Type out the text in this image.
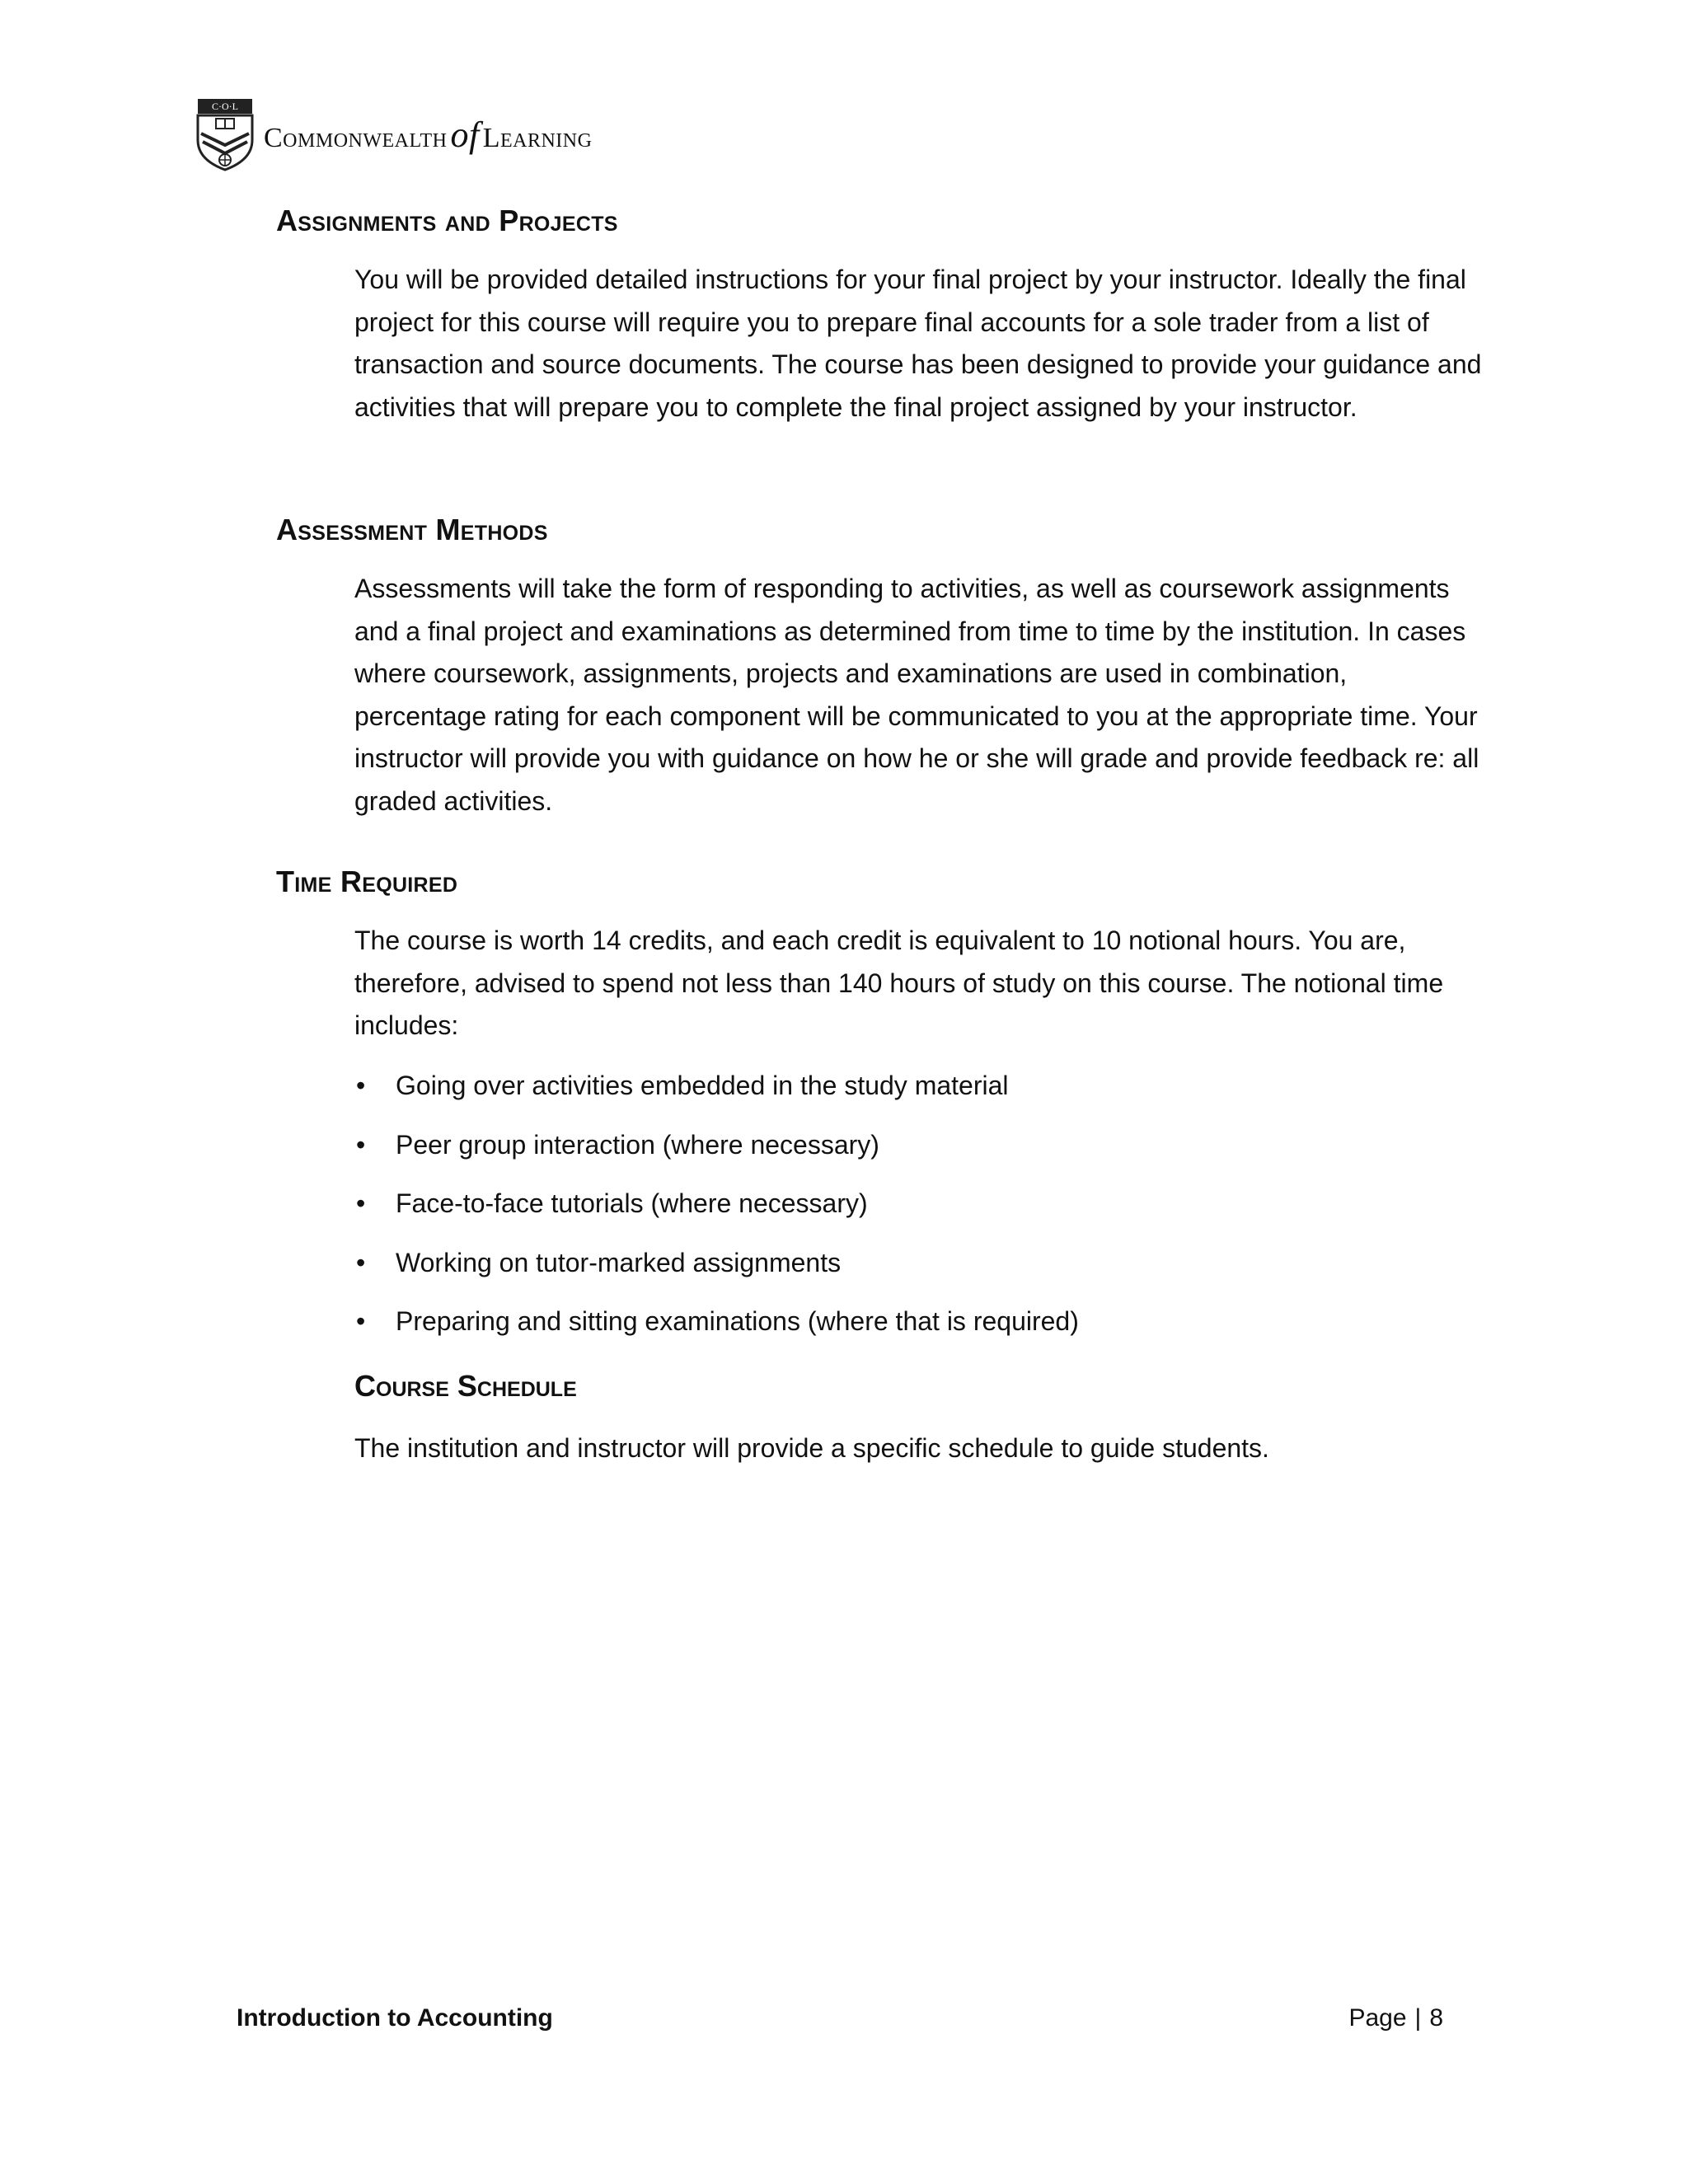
C·O·L
Commonwealthof Learning
Assignments and Projects

You will be provided detailed instructions for your final project by your instructor. Ideally the final project for this course will require you to prepare final accounts for a sole trader from a list of transaction and source documents. The course has been designed to provide your guidance and activities that will prepare you to complete the final project assigned by your instructor.

Assessment Methods

Assessments will take the form of responding to activities, as well as coursework assignments and a final project and examinations as determined from time to time by the institution. In cases where coursework, assignments, projects and examinations are used in combination, percentage rating for each component will be communicated to you at the appropriate time. Your instructor will provide you with guidance on how he or she will grade and provide feedback re: all graded activities.

Time Required

The course is worth 14 credits, and each credit is equivalent to 10 notional hours. You are, therefore, advised to spend not less than 140 hours of study on this course. The notional time includes:

• Going over activities embedded in the study material
• Peer group interaction (where necessary)
• Face-to-face tutorials (where necessary)
• Working on tutor-marked assignments
• Preparing and sitting examinations (where that is required)
Course Schedule

The institution and instructor will provide a specific schedule to guide students.

Introduction to Accounting	Page | 8
